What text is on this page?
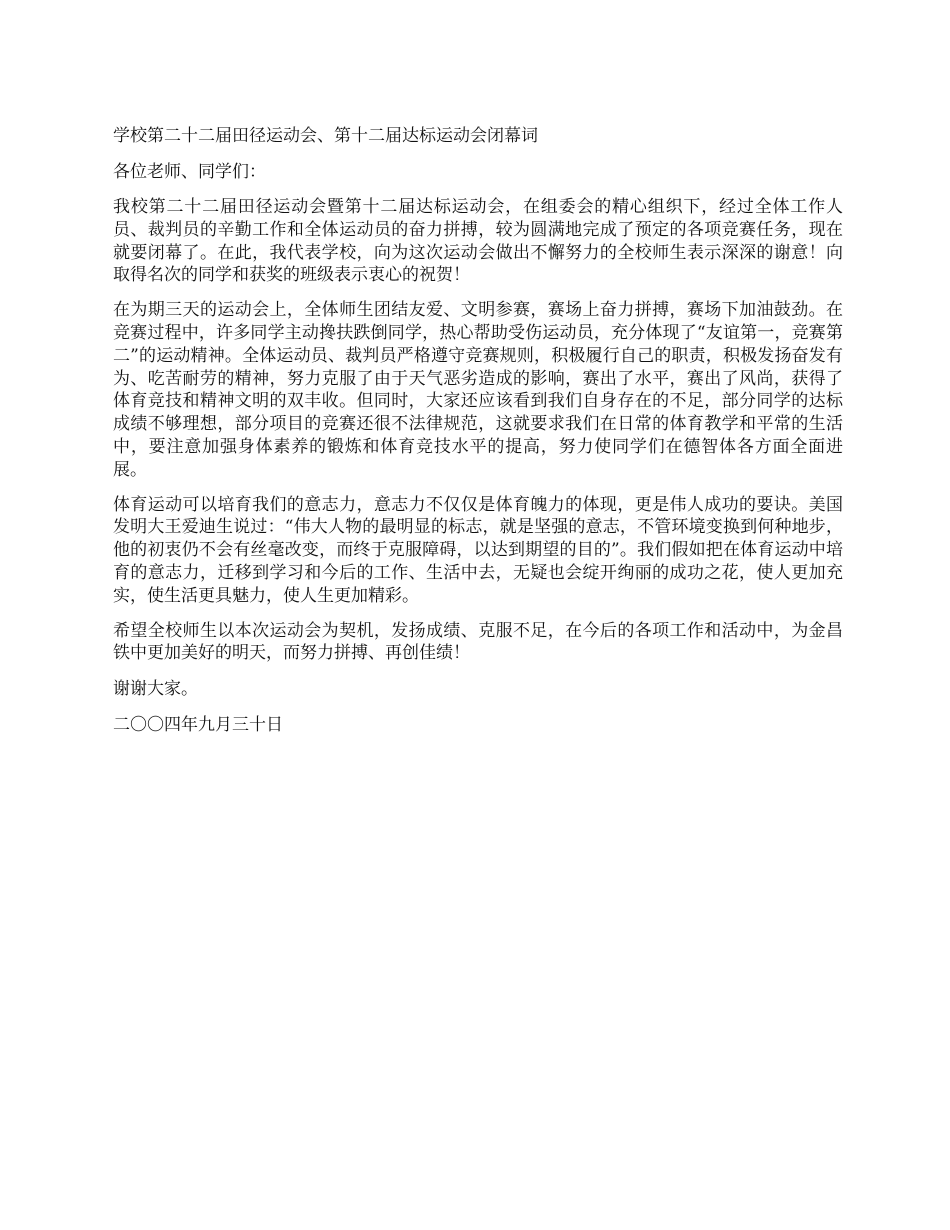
学校第二十二届田径运动会、第十二届达标运动会闭幕词
各位老师、同学们：
我校第二十二届田径运动会暨第十二届达标运动会，在组委会的精心组织下，经过全体工作人员、裁判员的辛勤工作和全体运动员的奋力拼搏，较为圆满地完成了预定的各项竞赛任务，现在就要闭幕了。在此，我代表学校，向为这次运动会做出不懈努力的全校师生表示深深的谢意！向取得名次的同学和获奖的班级表示衷心的祝贺！
在为期三天的运动会上，全体师生团结友爱、文明参赛，赛场上奋力拼搏，赛场下加油鼓劲。在竞赛过程中，许多同学主动搀扶跌倒同学，热心帮助受伤运动员，充分体现了“友谊第一，竞赛第二”的运动精神。全体运动员、裁判员严格遵守竞赛规则，积极履行自己的职责，积极发扬奋发有为、吃苦耐劳的精神，努力克服了由于天气恶劣造成的影响，赛出了水平，赛出了风尚，获得了体育竞技和精神文明的双丰收。但同时，大家还应该看到我们自身存在的不足，部分同学的达标成绩不够理想，部分项目的竞赛还很不法律规范，这就要求我们在日常的体育教学和平常的生活中，要注意加强身体素养的锻炼和体育竞技水平的提高，努力使同学们在德智体各方面全面进展。
体育运动可以培育我们的意志力，意志力不仅仅是体育魄力的体现，更是伟人成功的要诀。美国发明大王爱迪生说过：“伟大人物的最明显的标志，就是坚强的意志，不管环境变换到何种地步，他的初衷仍不会有丝毫改变，而终于克服障碍，以达到期望的目的”。我们假如把在体育运动中培育的意志力，迁移到学习和今后的工作、生活中去，无疑也会绽开绚丽的成功之花，使人更加充实，使生活更具魅力，使人生更加精彩。
希望全校师生以本次运动会为契机，发扬成绩、克服不足，在今后的各项工作和活动中，为金昌铁中更加美好的明天，而努力拼搏、再创佳绩！
谢谢大家。
二〇〇四年九月三十日
